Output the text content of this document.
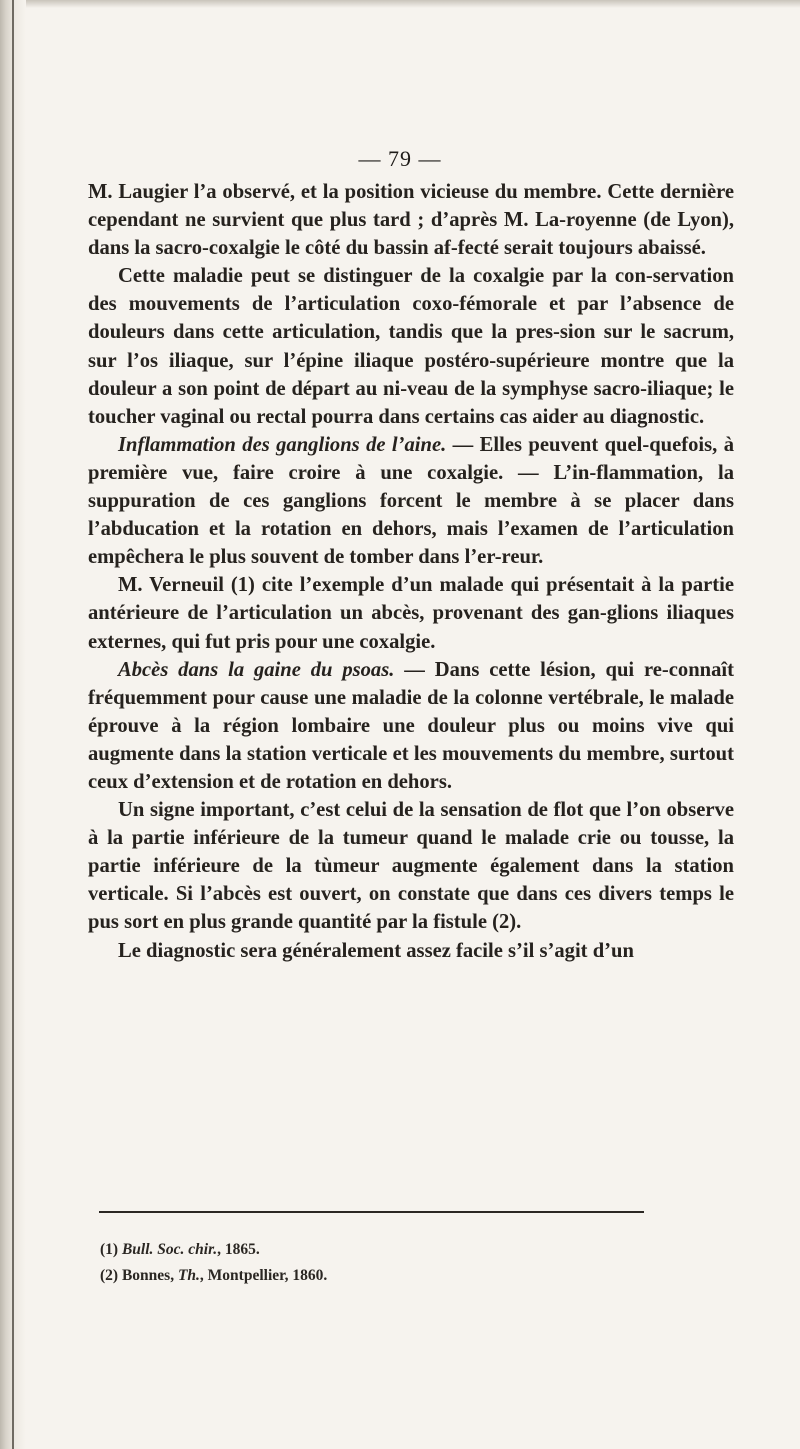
— 79 —

M. Laugier l’a observé, et la position vicieuse du membre. Cette dernière cependant ne survient que plus tard ; d’après M. La-royenne (de Lyon), dans la sacro-coxalgie le côté du bassin af-fecté serait toujours abaissé.

Cette maladie peut se distinguer de la coxalgie par la con-servation des mouvements de l’articulation coxo-fémorale et par l’absence de douleurs dans cette articulation, tandis que la pres-sion sur le sacrum, sur l’os iliaque, sur l’épine iliaque postéro-supérieure montre que la douleur a son point de départ au ni-veau de la symphyse sacro-iliaque; le toucher vaginal ou rectal pourra dans certains cas aider au diagnostic.

Inflammation des ganglions de l’aine. — Elles peuvent quel-quefois, à première vue, faire croire à une coxalgie. — L’in-flammation, la suppuration de ces ganglions forcent le membre à se placer dans l’abducation et la rotation en dehors, mais l’examen de l’articulation empêchera le plus souvent de tomber dans l’er-reur.

M. Verneuil (1) cite l’exemple d’un malade qui présentait à la partie antérieure de l’articulation un abcès, provenant des gan-glions iliaques externes, qui fut pris pour une coxalgie.

Abcès dans la gaine du psoas. — Dans cette lésion, qui re-connaît fréquemment pour cause une maladie de la colonne vertébrale, le malade éprouve à la région lombaire une douleur plus ou moins vive qui augmente dans la station verticale et les mouvements du membre, surtout ceux d’extension et de rotation en dehors.

Un signe important, c’est celui de la sensation de flot que l’on observe à la partie inférieure de la tumeur quand le malade crie ou tousse, la partie inférieure de la tùmeur augmente également dans la station verticale. Si l’abcès est ouvert, on constate que dans ces divers temps le pus sort en plus grande quantité par la fistule (2).

Le diagnostic sera généralement assez facile s’il s’agit d’un

(1) Bull. Soc. chir., 1865.

(2) Bonnes, Th., Montpellier, 1860.
